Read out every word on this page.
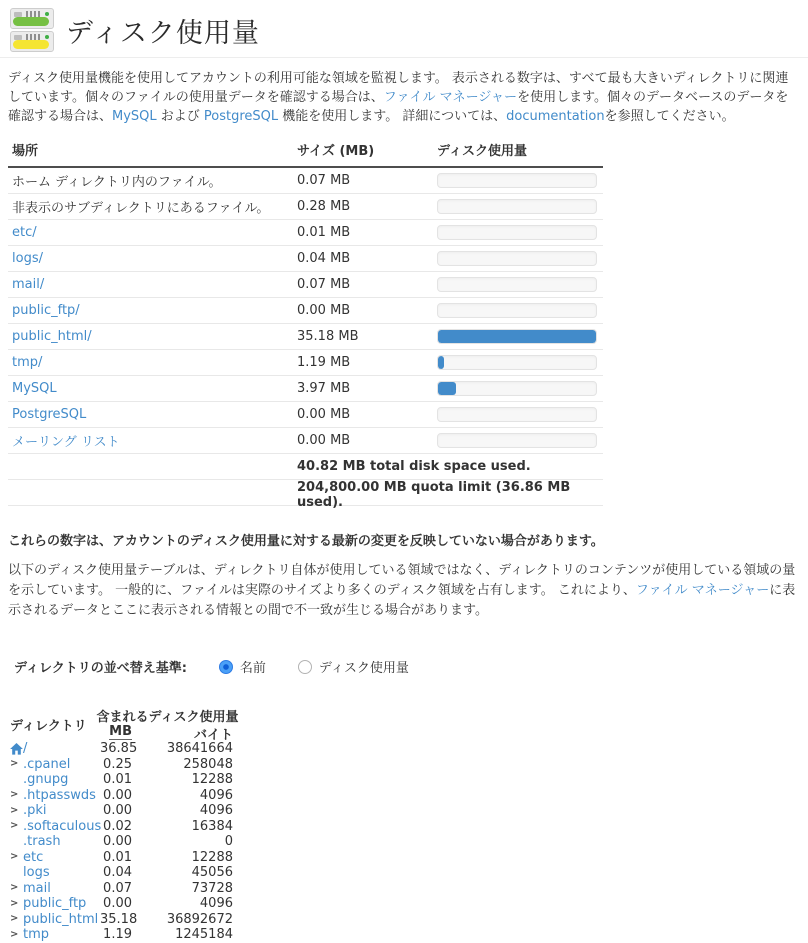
ディスク使用量

ディスク使用量機能を使用してアカウントの利用可能な領域を監視します。 表示される数字は、すべて最も大きいディレクトリに関連しています。個々のファイルの使用量データを確認する場合は、ファイル マネージャーを使用します。個々のデータベースのデータを確認する場合は、MySQL および PostgreSQL 機能を使用します。 詳細については、documentationを参照してください。

場所	サイズ (MB)	ディスク使用量
ホーム ディレクトリ内のファイル。	0.07 MB
非表示のサブディレクトリにあるファイル。	0.28 MB
etc/	0.01 MB
logs/	0.04 MB
mail/	0.07 MB
public_ftp/	0.00 MB
public_html/	35.18 MB
tmp/	1.19 MB
MySQL	3.97 MB
PostgreSQL	0.00 MB
メーリング リスト	0.00 MB
40.82 MB total disk space used.
204,800.00 MB quota limit (36.86 MB used).

これらの数字は、アカウントのディスク使用量に対する最新の変更を反映していない場合があります。

以下のディスク使用量テーブルは、ディレクトリ自体が使用している領域ではなく、ディレクトリのコンテンツが使用している領域の量を示しています。 一般的に、ファイルは実際のサイズより多くのディスク領域を占有します。 これにより、ファイル マネージャーに表示されるデータとここに表示される情報との間で不一致が生じる場合があります。

ディレクトリの並べ替え基準:	名前	ディスク使用量
含まれるディスク使用量
ディレクトリ	MB	バイト
/	36.85	38641664
> .cpanel	0.25	258048
.gnupg	0.01	12288
> .htpasswds 0.00	4096
> .pki	0.00	4096
> .softaculous 0.02	16384
.trash	0.00	0
> etc	0.01	12288
logs	0.04	45056
> mail	0.07	73728
> public_ftp 0.00	4096
> public_html 35.18	36892672
> tmp	1.19	1245184
